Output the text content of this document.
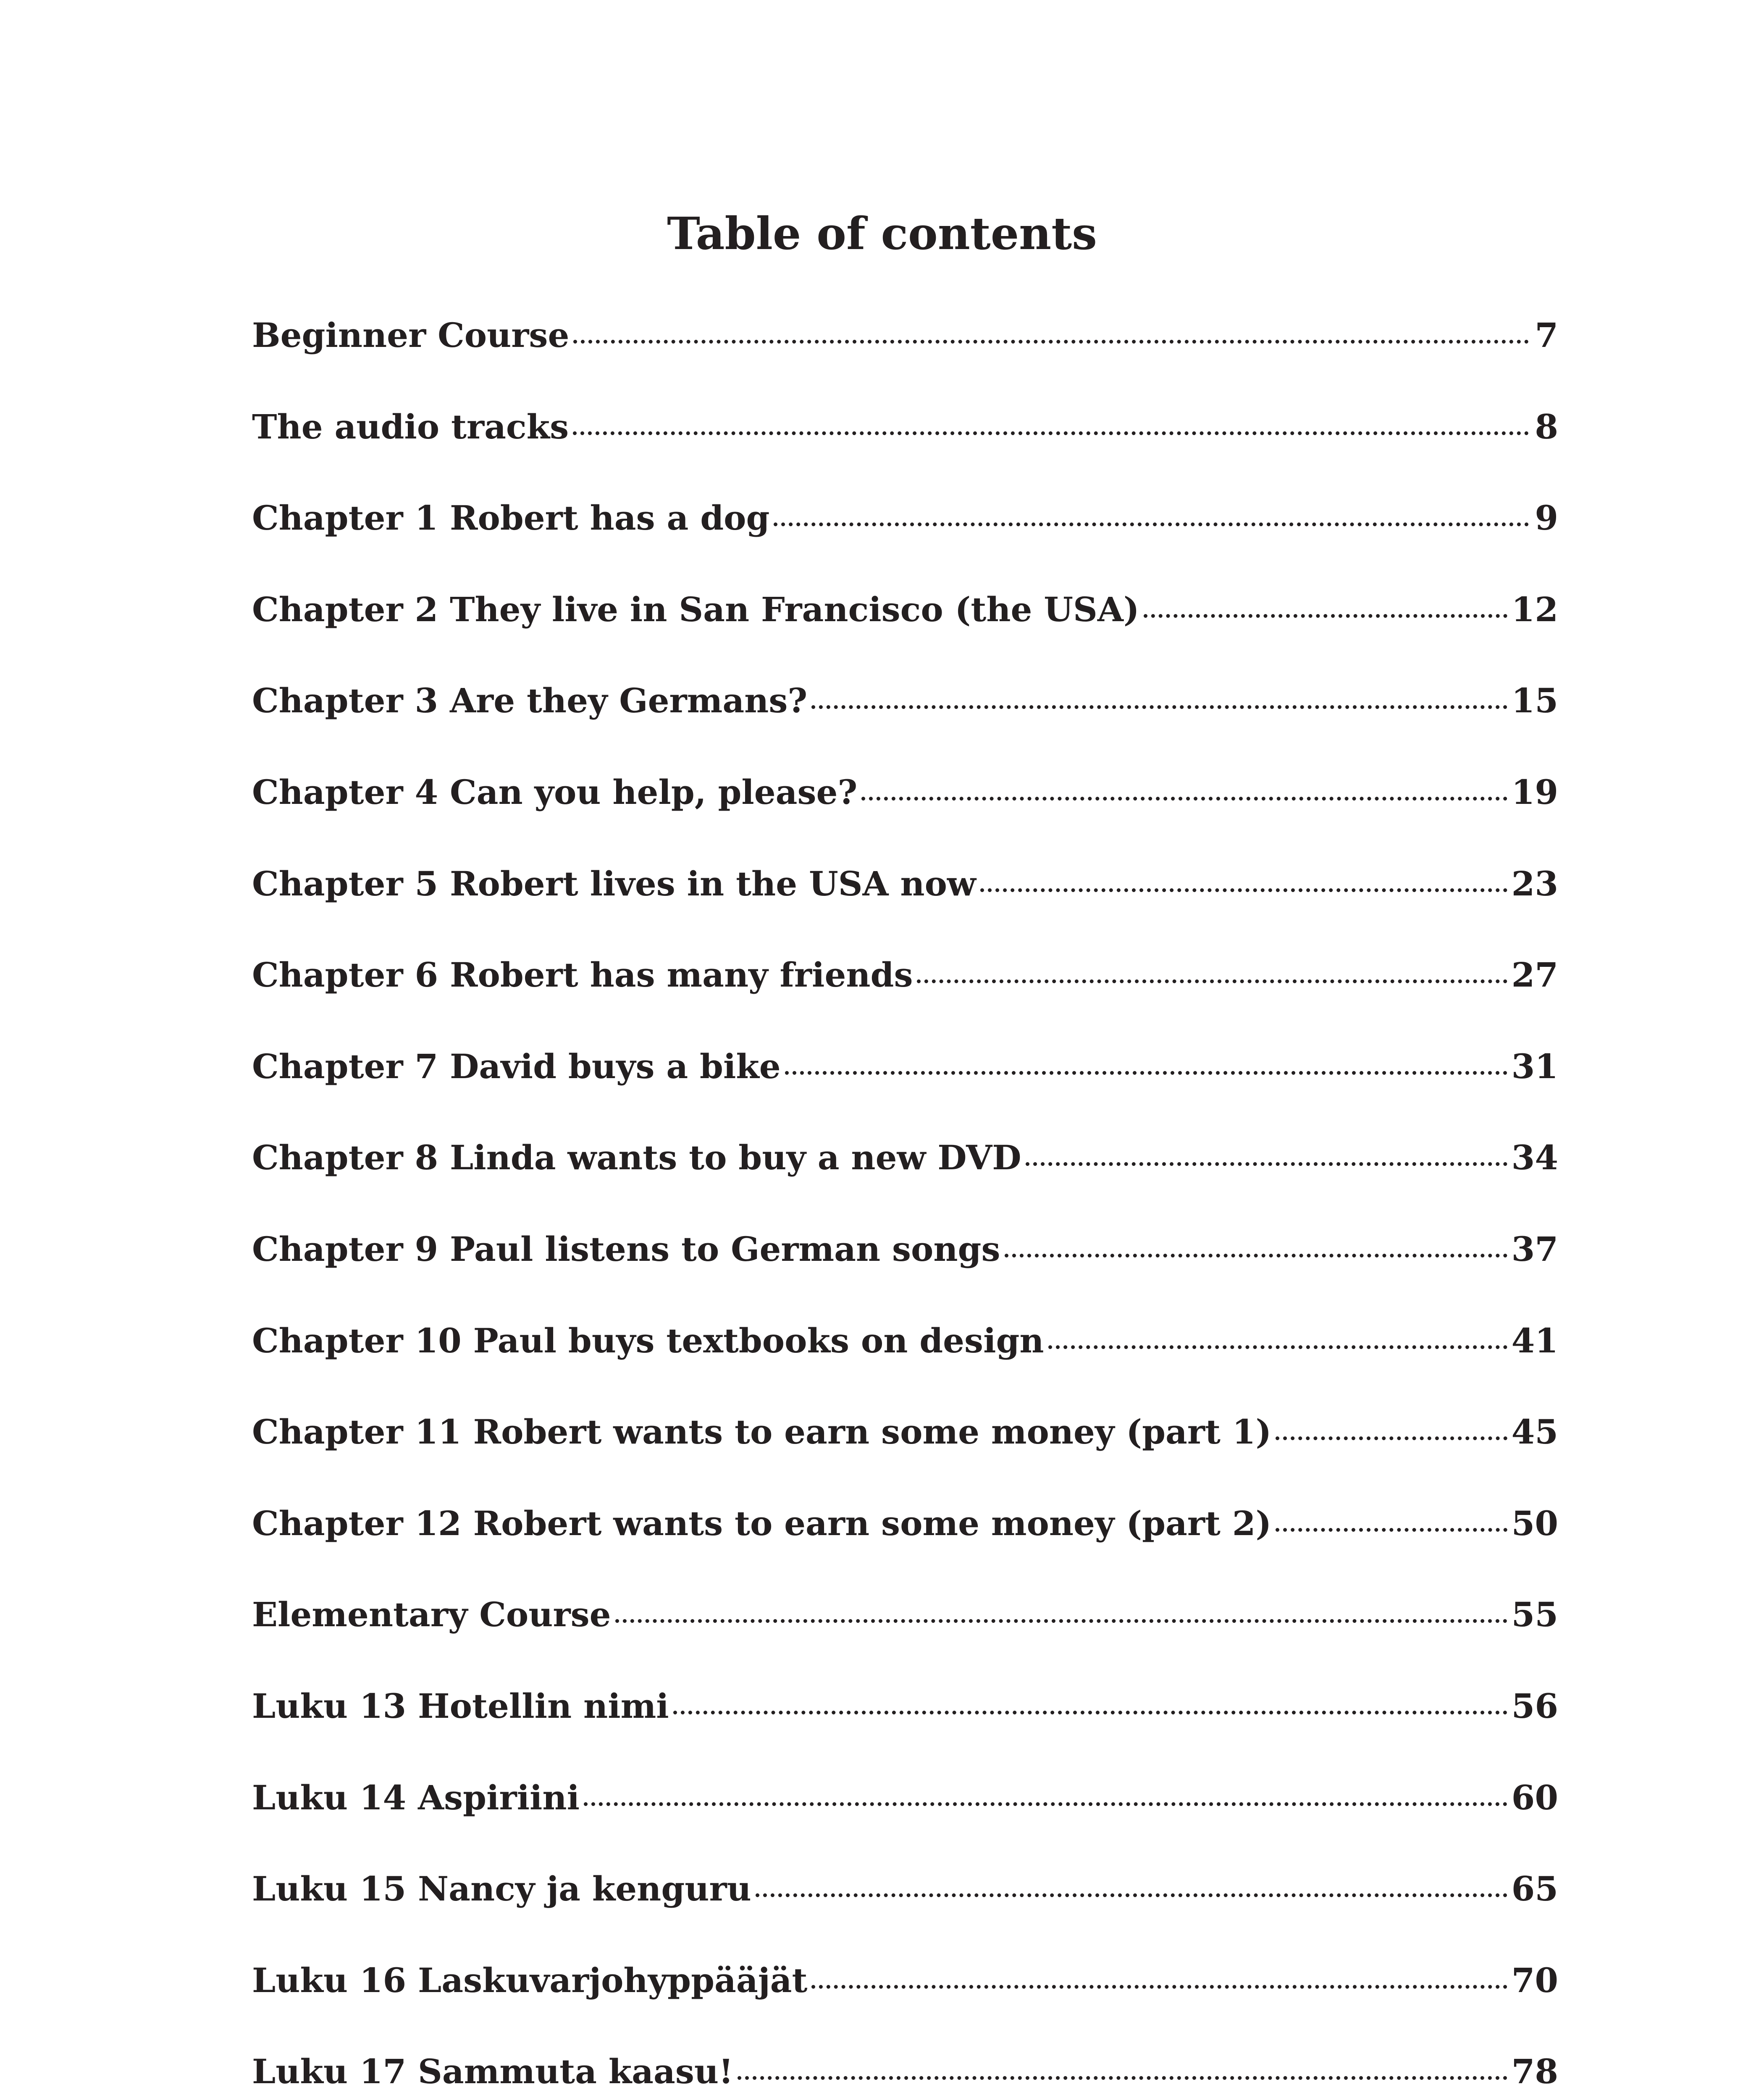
Table of contents
Beginner Course	7
The audio tracks	8
Chapter 1 Robert has a dog	9
Chapter 2 They live in San Francisco (the USA)	12
Chapter 3 Are they Germans?	15
Chapter 4 Can you help, please?	19
Chapter 5 Robert lives in the USA now	23
Chapter 6 Robert has many friends	27
Chapter 7 David buys a bike	31
Chapter 8 Linda wants to buy a new DVD	34
Chapter 9 Paul listens to German songs	37
Chapter 10 Paul buys textbooks on design	41
Chapter 11 Robert wants to earn some money (part 1)	45
Chapter 12 Robert wants to earn some money (part 2)	50
Elementary Course	55
Luku 13 Hotellin nimi	56
Luku 14 Aspiriini	60
Luku 15 Nancy ja kenguru	65
Luku 16 Laskuvarjohyppääjät	70
Luku 17 Sammuta kaasu!	78
